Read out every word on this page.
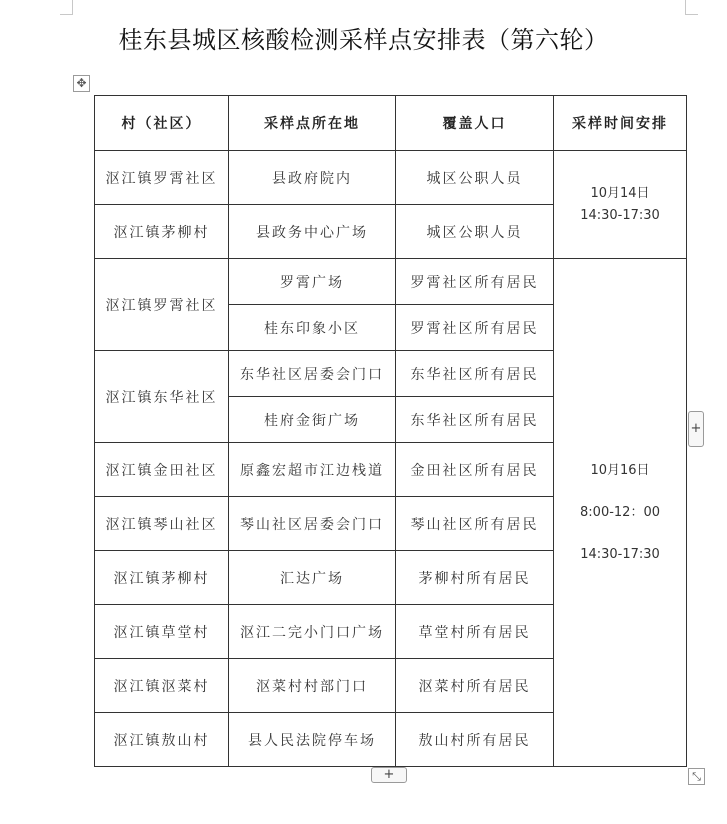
桂东县城区核酸检测采样点安排表（第六轮）
✥
村（社区）	采样点所在地	覆盖人口	采样时间安排
沤江镇罗霄社区	县政府院内	城区公职人员	10月14日
14:30-17:30

沤江镇茅柳村	县政务中心广场	城区公职人员	
沤江镇罗霄社区	罗霄广场	罗霄社区所有居民	10月16日
8:00-12：00
14:30-17:30

	桂东印象小区	罗霄社区所有居民	
沤江镇东华社区	东华社区居委会门口	东华社区所有居民	
	桂府金街广场	东华社区所有居民	
沤江镇金田社区	原鑫宏超市江边栈道	金田社区所有居民	
沤江镇琴山社区	琴山社区居委会门口	琴山社区所有居民	
沤江镇茅柳村	汇达广场	茅柳村所有居民	
沤江镇草堂村	沤江二完小门口广场	草堂村所有居民	
沤江镇沤菜村	沤菜村村部门口	沤菜村所有居民	
沤江镇敖山村	县人民法院停车场	敖山村所有居民	
+
+	⤡
